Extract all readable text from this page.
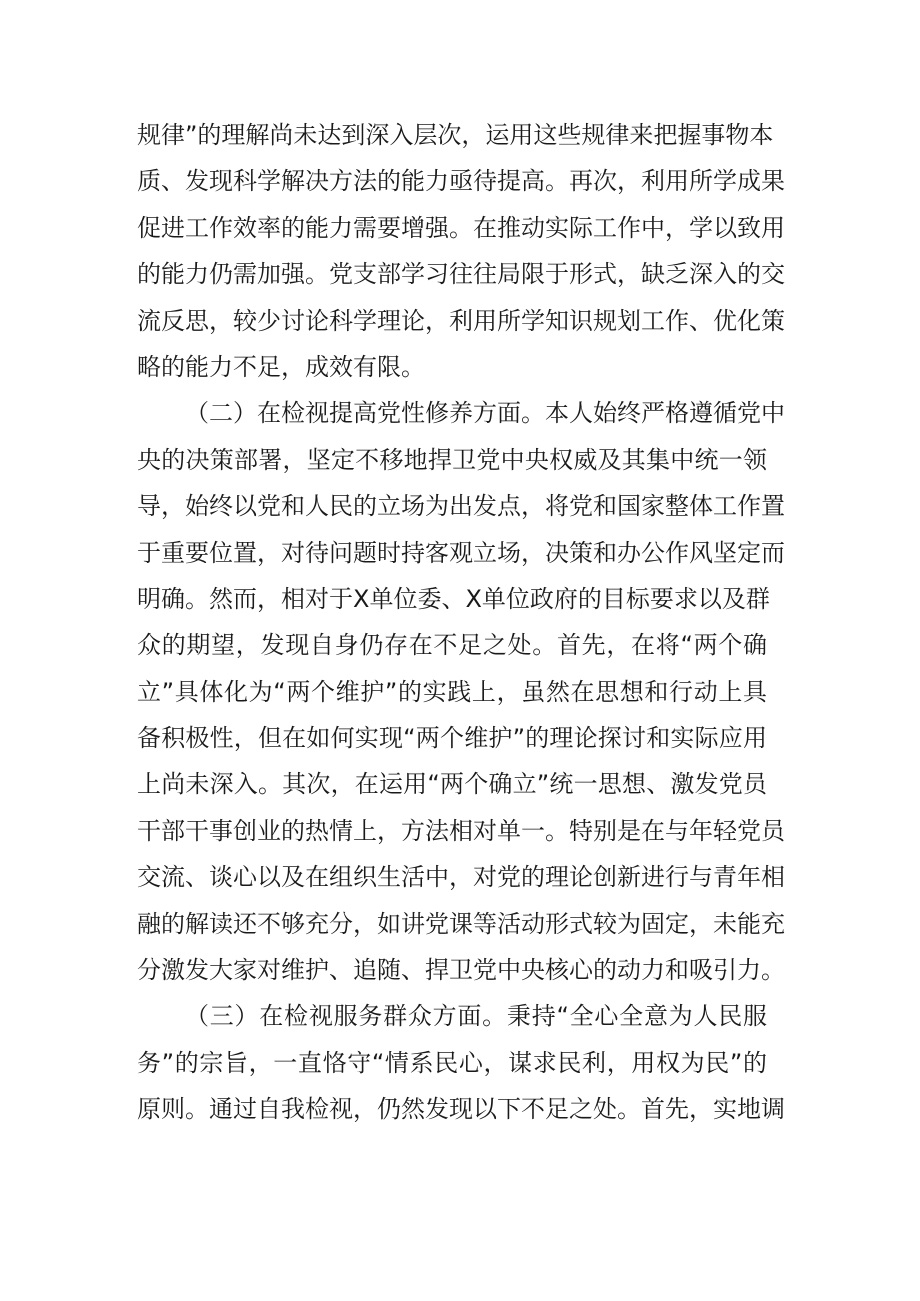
规律”的理解尚未达到深入层次，运用这些规律来把握事物本
质、发现科学解决方法的能力亟待提高。再次，利用所学成果
促进工作效率的能力需要增强。在推动实际工作中，学以致用
的能力仍需加强。党支部学习往往局限于形式，缺乏深入的交
流反思，较少讨论科学理论，利用所学知识规划工作、优化策
略的能力不足，成效有限。
（二）在检视提高党性修养方面。本人始终严格遵循党中
央的决策部署，坚定不移地捍卫党中央权威及其集中统一领
导，始终以党和人民的立场为出发点，将党和国家整体工作置
于重要位置，对待问题时持客观立场，决策和办公作风坚定而
明确。然而，相对于X单位委、X单位政府的目标要求以及群
众的期望，发现自身仍存在不足之处。首先，在将“两个确
立”具体化为“两个维护”的实践上，虽然在思想和行动上具
备积极性，但在如何实现“两个维护”的理论探讨和实际应用
上尚未深入。其次，在运用“两个确立”统一思想、激发党员
干部干事创业的热情上，方法相对单一。特别是在与年轻党员
交流、谈心以及在组织生活中，对党的理论创新进行与青年相
融的解读还不够充分，如讲党课等活动形式较为固定，未能充
分激发大家对维护、追随、捍卫党中央核心的动力和吸引力。
（三）在检视服务群众方面。秉持“全心全意为人民服
务”的宗旨，一直恪守“情系民心，谋求民利，用权为民”的
原则。通过自我检视，仍然发现以下不足之处。首先，实地调
